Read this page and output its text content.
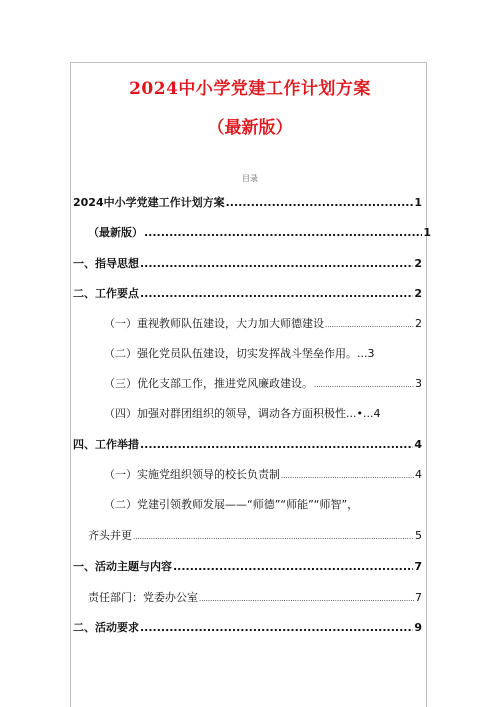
2024中小学党建工作计划方案
（最新版）
目录
2024中小学党建工作计划方案 .....	1
（最新版） .....	1
一、指导思想 .....	2
二、工作要点 .....	2
（一）重视教师队伍建设，大力加大师德建设 .....	2
（二）强化党员队伍建设，切实发挥战斗堡垒作用。...3
（三）优化支部工作，推进党风廉政建设。 .....	3
（四）加强对群团组织的领导，调动各方面积极性...•...4
四、工作举措 .....	4
（一）实施党组织领导的校长负责制 .....	4
（二）党建引领教师发展——“师德”“师能”“师智”，
齐头并更 .....	5
一、活动主题与内容 .....	7
责任部门：党委办公室 .....	7
二、活动要求 .....	9
